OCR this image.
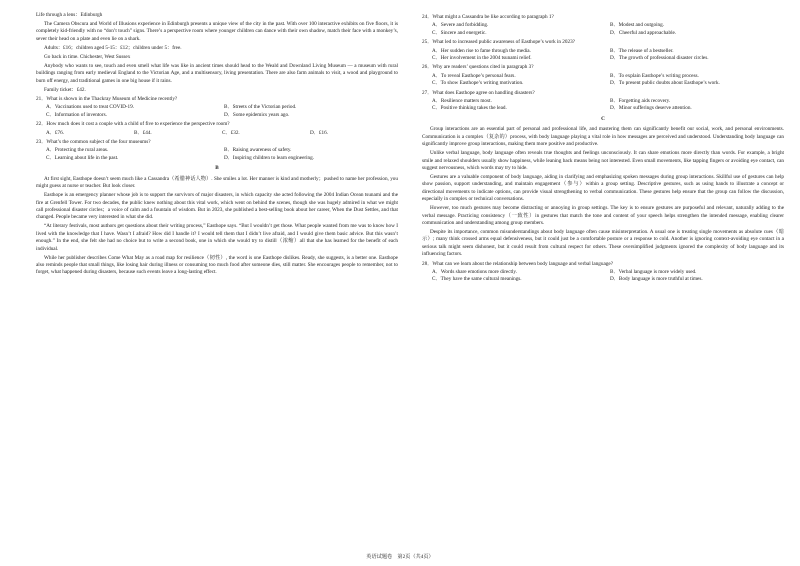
Life through a lens：Edinburgh

The Camera Obscura and World of Illusions experience in Edinburgh presents a unique view of the city in the past. With over 100 interactive exhibits on five floors, it is completely kid-friendly with no “don’t touch” signs. There’s a perspective room where younger children can dance with their own shadow, match their face with a monkey’s, sever their head on a plate and even lie on a shark.

Adults：£16；children aged 5-15：£12；children under 5：free.

Go back in time. Chichester, West Sussex

Anybody who wants to see, touch and even smell what life was like in ancient times should head to the Weald and Downland Living Museum — a museum with rural buildings ranging from early medieval England to the Victorian Age, and a multisensory, living presentation. There are also farm animals to visit, a wood and playground to burn off energy, and traditional games in one big house if it rains.

Family ticket：£42.

21．What is shown in the Thackray Museum of Medicine recently?

A．Vaccinations used to treat COVID-19.	B．Streets of the Victorian period.
C．Information of inventors.	D．Some epidemics years ago.

22．How much does it cost a couple with a child of five to experience the perspective room?

A．£76.	B．£44.	C．£32.	D．£16.

23．What’s the common subject of the four museums?

A．Protecting the rural areas.	B．Raising awareness of safety.
C．Learning about life in the past.	D．Inspiring children to learn engineering.
B

At first sight, Easthope doesn’t seem much like a Cassandra（希腊神话人物）. She smiles a lot. Her manner is kind and motherly；pushed to name her profession, you might guess at nurse or teacher. But look closer.

Easthope is an emergency planner whose job is to support the survivors of major disasters, in which capacity she acted following the 2004 Indian Ocean tsunami and the fire at Grenfell Tower. For two decades, the public knew nothing about this vital work, which went on behind the scenes, though she was hugely admired in what we might call professional disaster circles；a voice of calm and a fountain of wisdom. But in 2023, she published a best-selling book about her career, When the Dust Settles, and that changed. People became very interested in what she did.

“At literary festivals, most authors get questions about their writing process,” Easthope says. “But I wouldn’t get those. What people wanted from me was to know how I lived with the knowledge that I have. Wasn’t I afraid? How did I handle it? I would tell them that I didn’t live afraid, and I would give them basic advice. But this wasn’t enough.” In the end, she felt she had no choice but to write a second book, one in which she would try to distill（浓缩）all that she has learned for the benefit of each individual.

While her publisher describes Come What May as a road map for resilience（韧性）, the word is one Easthope dislikes. Ready, she suggests, is a better one. Easthope also reminds people that small things, like losing hair during illness or consuming too much food after someone dies, still matter. She encourages people to remember, not to forget, what happened during disasters, because such events leave a long-lasting effect.

24．What might a Cassandra be like according to paragraph 1?

A．Severe and forbidding.	B．Modest and outgoing.
C．Sincere and energetic.	D．Cheerful and approachable.

25．What led to increased public awareness of Easthope’s work in 2023?

A．Her sudden rise to fame through the media.	B．The release of a bestseller.
C．Her involvement in the 2004 tsunami relief.	D．The growth of professional disaster circles.

26．Why are readers’ questions cited in paragraph 3?

A．To reveal Easthope’s personal fears.	B．To explain Easthope’s writing process.
C．To show Easthope’s writing motivation.	D．To present public doubts about Easthope’s work.

27．What does Easthope agree on handling disasters?

A．Resilience matters most.	B．Forgetting aids recovery.
C．Positive thinking takes the lead.	D．Minor sufferings deserve attention.
C

Group interactions are an essential part of personal and professional life, and mastering them can significantly benefit our social, work, and personal environments. Communication is a complex（复杂的）process, with body language playing a vital role in how messages are perceived and understood. Understanding body language can significantly improve group interactions, making them more positive and productive.

Unlike verbal language, body language often reveals true thoughts and feelings unconsciously. It can share emotions more directly than words. For example, a bright smile and relaxed shoulders usually show happiness, while leaning back means being not interested. Even small movements, like tapping fingers or avoiding eye contact, can suggest nervousness, which words may try to hide.

Gestures are a valuable component of body language, aiding in clarifying and emphasizing spoken messages during group interactions. Skillful use of gestures can help show passion, support understanding, and maintain engagement（参与）within a group setting. Descriptive gestures, such as using hands to illustrate a concept or directional movements to indicate options, can provide visual strengthening to verbal communication. These gestures help ensure that the group can follow the discussion, especially in complex or technical conversations.

However, too much gestures may become distracting or annoying in group settings. The key is to ensure gestures are purposeful and relevant, naturally adding to the verbal message. Practicing consistency（一致性）in gestures that match the tone and content of your speech helps strengthen the intended message, enabling clearer communication and understanding among group members.

Despite its importance, common misunderstandings about body language often cause misinterpretation. A usual one is treating single movements as absolute cues（暗示）; many think crossed arms equal defensiveness, but it could just be a comfortable posture or a response to cold. Another is ignoring context-avoiding eye contact in a serious talk might seem dishonest, but it could result from cultural respect for others. These oversimplified judgments ignored the complexity of body language and its influencing factors.

28．What can we learn about the relationship between body language and verbal language?

A．Words share emotions more directly.	B．Verbal language is more widely used.
C．They have the same cultural meanings.	D．Body language is more truthful at times.
英语试题卷　第2页（共4页）
